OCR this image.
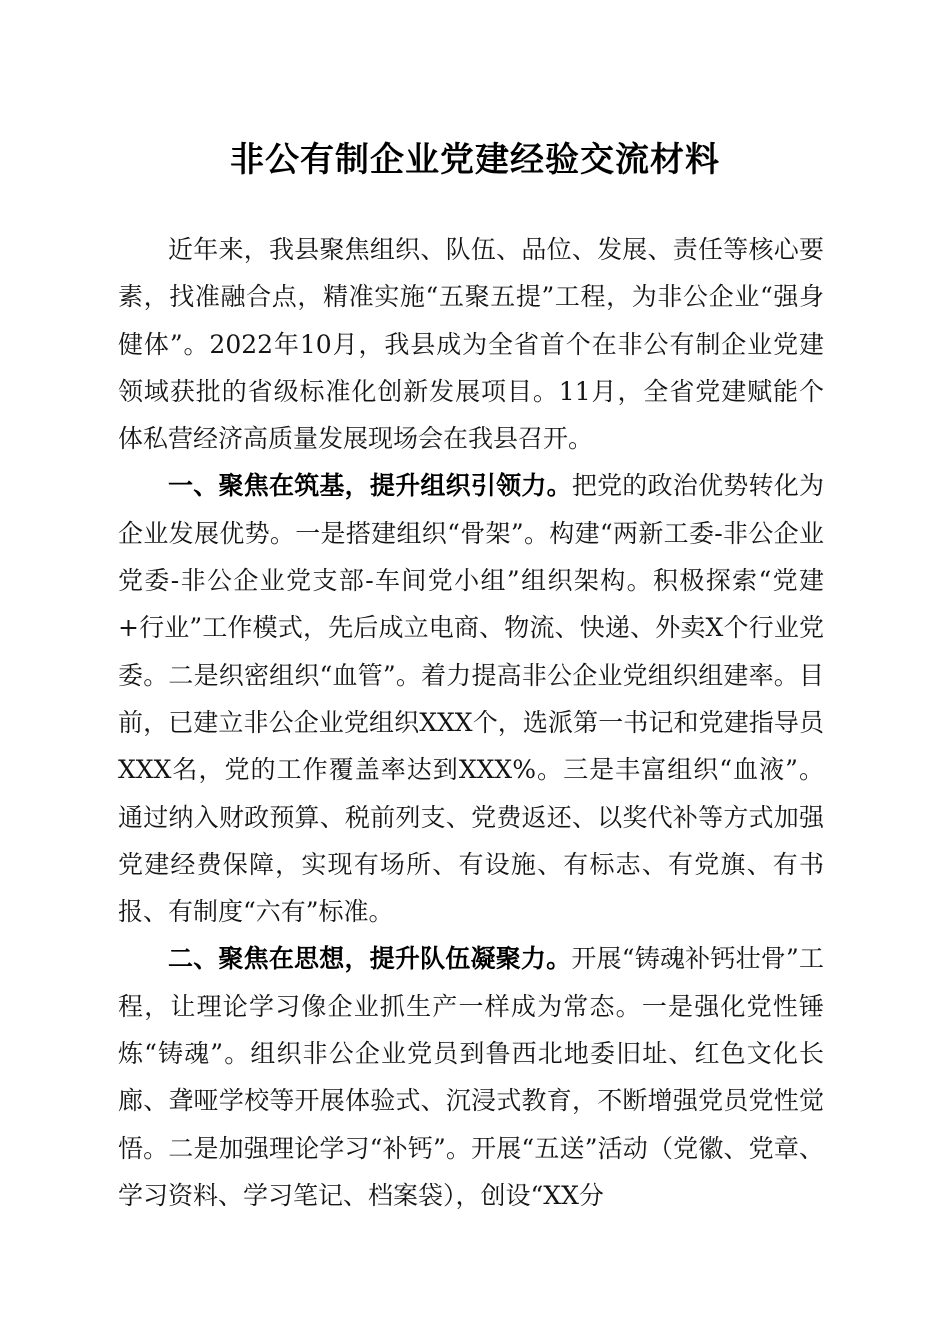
非公有制企业党建经验交流材料

近年来，我县聚焦组织、队伍、品位、发展、责任等核心要素，找准融合点，精准实施“五聚五提”工程，为非公企业“强身健体”。2022年10月，我县成为全省首个在非公有制企业党建领域获批的省级标准化创新发展项目。11月，全省党建赋能个体私营经济高质量发展现场会在我县召开。

一、聚焦在筑基，提升组织引领力。把党的政治优势转化为企业发展优势。一是搭建组织“骨架”。构建“两新工委-非公企业党委-非公企业党支部-车间党小组”组织架构。积极探索“党建+行业”工作模式，先后成立电商、物流、快递、外卖X个行业党委。二是织密组织“血管”。着力提高非公企业党组织组建率。目前，已建立非公企业党组织XXX个，选派第一书记和党建指导员XXX名，党的工作覆盖率达到XXX%。三是丰富组织“血液”。通过纳入财政预算、税前列支、党费返还、以奖代补等方式加强党建经费保障，实现有场所、有设施、有标志、有党旗、有书报、有制度“六有”标准。

二、聚焦在思想，提升队伍凝聚力。开展“铸魂补钙壮骨”工程，让理论学习像企业抓生产一样成为常态。一是强化党性锤炼“铸魂”。组织非公企业党员到鲁西北地委旧址、红色文化长廊、聋哑学校等开展体验式、沉浸式教育，不断增强党员党性觉悟。二是加强理论学习“补钙”。开展“五送”活动（党徽、党章、学习资料、学习笔记、档案袋），创设“XX分
